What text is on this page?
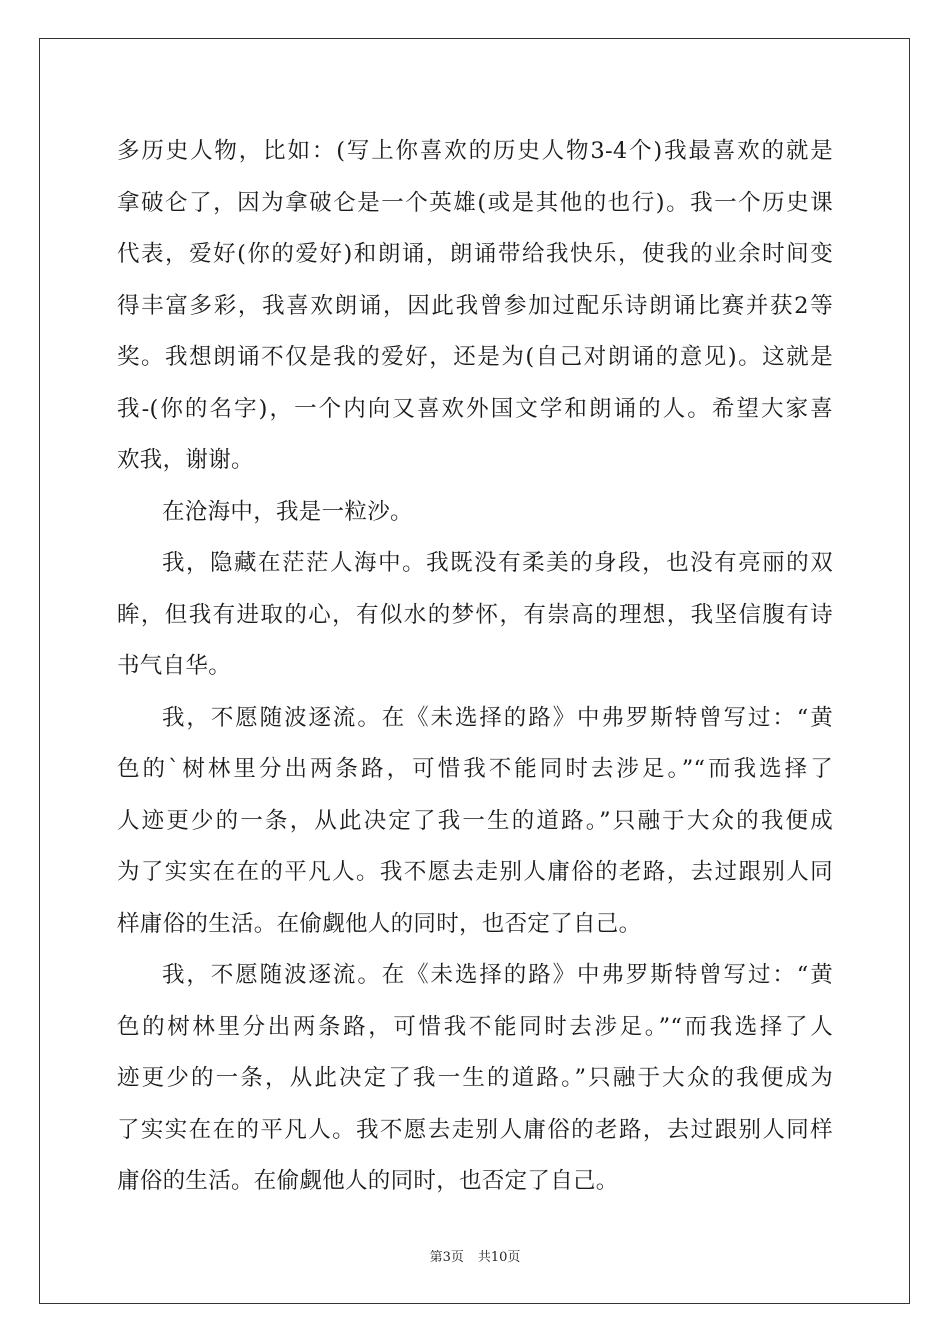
多历史人物，比如：(写上你喜欢的历史人物3-4个)我最喜欢的就是
拿破仑了，因为拿破仑是一个英雄(或是其他的也行)。我一个历史课
代表，爱好(你的爱好)和朗诵，朗诵带给我快乐，使我的业余时间变
得丰富多彩，我喜欢朗诵，因此我曾参加过配乐诗朗诵比赛并获2等
奖。我想朗诵不仅是我的爱好，还是为(自己对朗诵的意见)。这就是
我-(你的名字)，一个内向又喜欢外国文学和朗诵的人。希望大家喜
欢我，谢谢。
在沧海中，我是一粒沙。
我，隐藏在茫茫人海中。我既没有柔美的身段，也没有亮丽的双
眸，但我有进取的心，有似水的梦怀，有崇高的理想，我坚信腹有诗
书气自华。
我，不愿随波逐流。在《未选择的路》中弗罗斯特曾写过：“黄
色的`树林里分出两条路，可惜我不能同时去涉足。”“而我选择了
人迹更少的一条，从此决定了我一生的道路。”只融于大众的我便成
为了实实在在的平凡人。我不愿去走别人庸俗的老路，去过跟别人同
样庸俗的生活。在偷觑他人的同时，也否定了自己。
我，不愿随波逐流。在《未选择的路》中弗罗斯特曾写过：“黄
色的树林里分出两条路，可惜我不能同时去涉足。”“而我选择了人
迹更少的一条，从此决定了我一生的道路。”只融于大众的我便成为
了实实在在的平凡人。我不愿去走别人庸俗的老路，去过跟别人同样
庸俗的生活。在偷觑他人的同时，也否定了自己。
第3页 共10页
